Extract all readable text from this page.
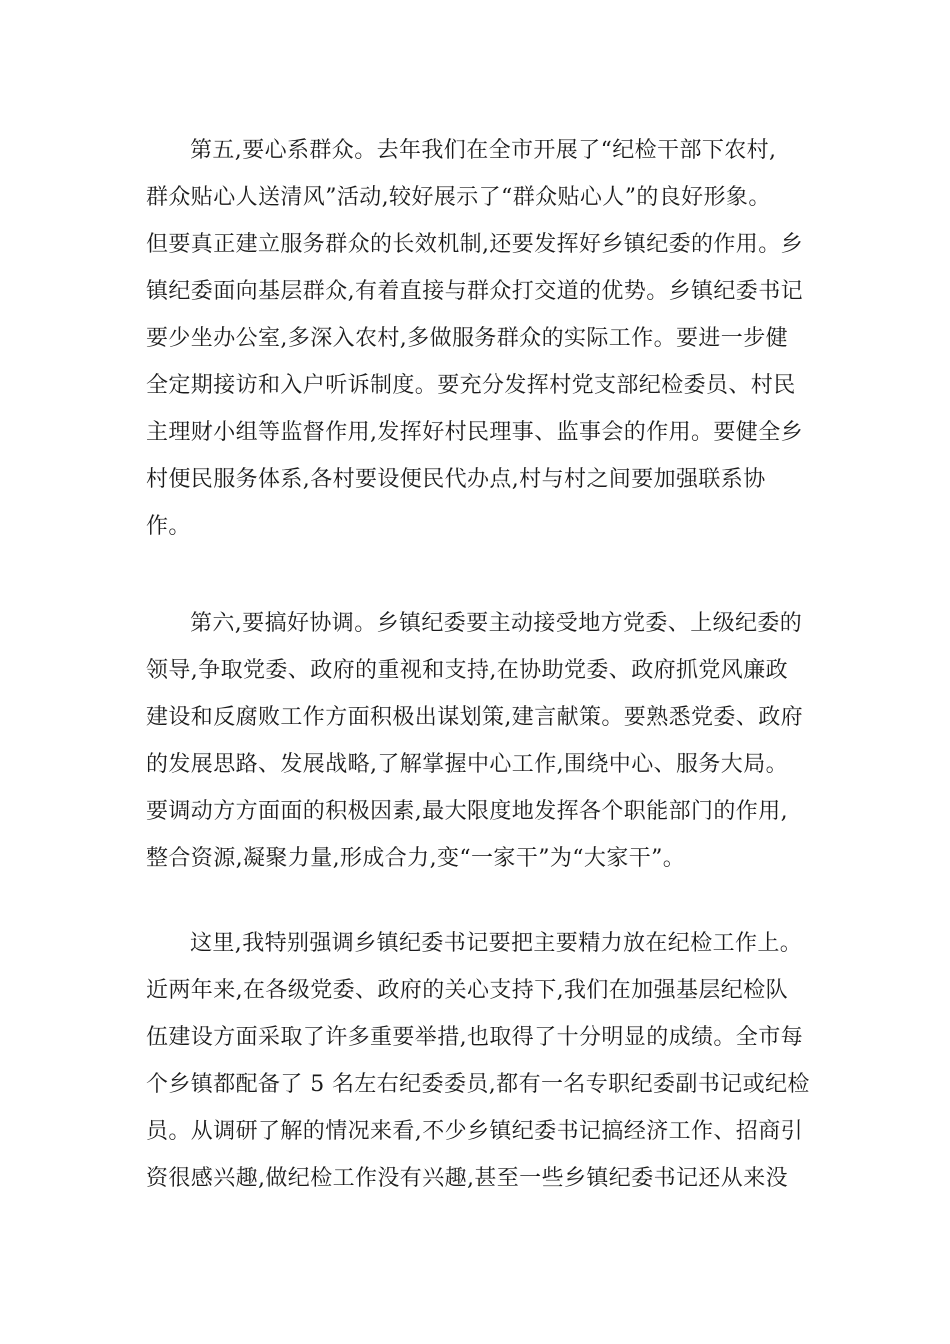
第五,要心系群众。去年我们在全市开展了“纪检干部下农村,
群众贴心人送清风”活动,较好展示了“群众贴心人”的良好形象。
但要真正建立服务群众的长效机制,还要发挥好乡镇纪委的作用。乡
镇纪委面向基层群众,有着直接与群众打交道的优势。乡镇纪委书记
要少坐办公室,多深入农村,多做服务群众的实际工作。要进一步健
全定期接访和入户听诉制度。要充分发挥村党支部纪检委员、村民
主理财小组等监督作用,发挥好村民理事、监事会的作用。要健全乡
村便民服务体系,各村要设便民代办点,村与村之间要加强联系协
作。
第六,要搞好协调。乡镇纪委要主动接受地方党委、上级纪委的
领导,争取党委、政府的重视和支持,在协助党委、政府抓党风廉政
建设和反腐败工作方面积极出谋划策,建言献策。要熟悉党委、政府
的发展思路、发展战略,了解掌握中心工作,围绕中心、服务大局。
要调动方方面面的积极因素,最大限度地发挥各个职能部门的作用,
整合资源,凝聚力量,形成合力,变“一家干”为“大家干”。
这里,我特别强调乡镇纪委书记要把主要精力放在纪检工作上。
近两年来,在各级党委、政府的关心支持下,我们在加强基层纪检队
伍建设方面采取了许多重要举措,也取得了十分明显的成绩。全市每
个乡镇都配备了 5 名左右纪委委员,都有一名专职纪委副书记或纪检
员。从调研了解的情况来看,不少乡镇纪委书记搞经济工作、招商引
资很感兴趣,做纪检工作没有兴趣,甚至一些乡镇纪委书记还从来没
